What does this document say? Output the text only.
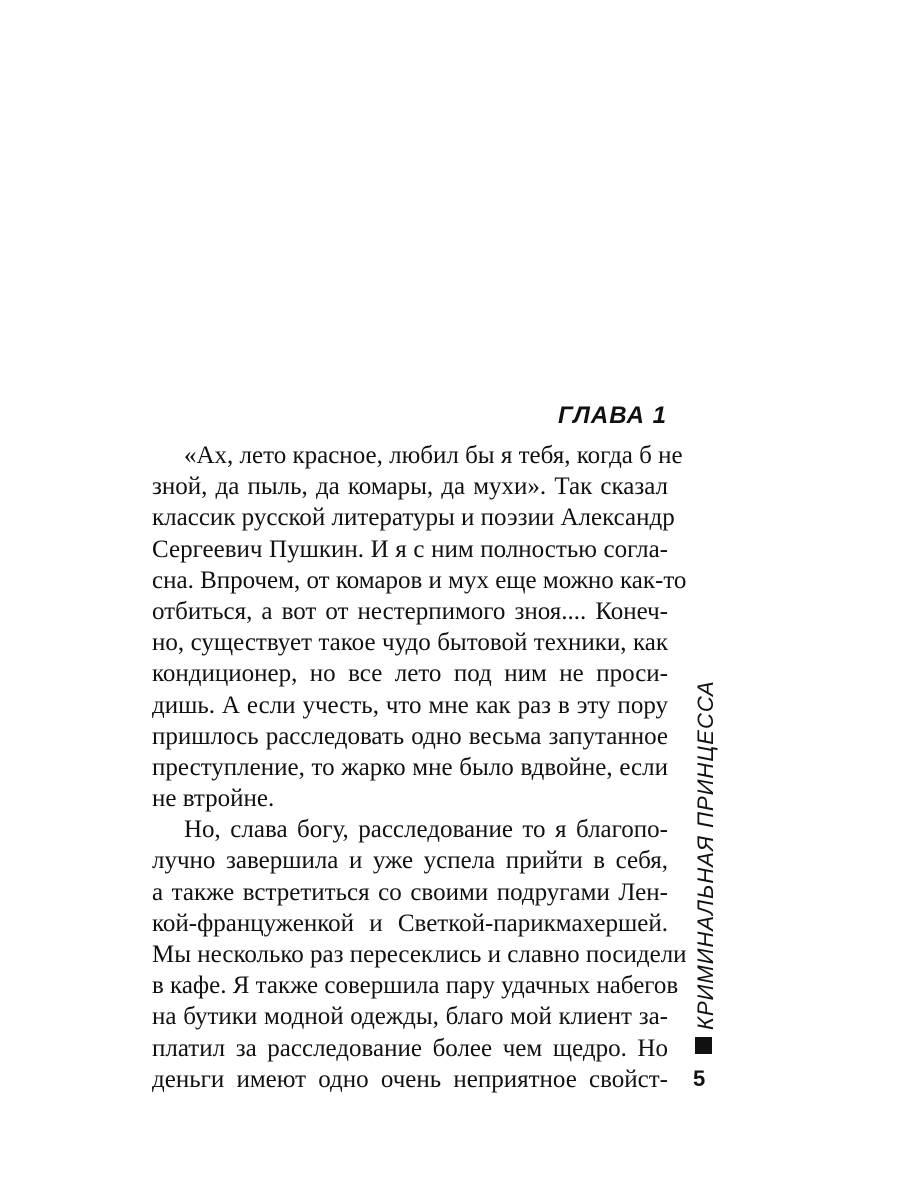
ГЛАВА 1
«Ах, лето красное, любил бы я тебя, когда б не
зной, да пыль, да комары, да мухи». Так сказал
классик русской литературы и поэзии Александр
Сергеевич Пушкин. И я с ним полностью согла-
сна. Впрочем, от комаров и мух еще можно как-то
отбиться, а вот от нестерпимого зноя.... Конеч-
но, существует такое чудо бытовой техники, как
кондиционер, но все лето под ним не проси-
дишь. А если учесть, что мне как раз в эту пору
пришлось расследовать одно весьма запутанное
преступление, то жарко мне было вдвойне, если
не втройне.
Но, слава богу, расследование то я благопо-
лучно завершила и уже успела прийти в себя,
а также встретиться со своими подругами Лен-
кой-француженкой и Светкой-парикмахершей.
Мы несколько раз пересеклись и славно посидели
в кафе. Я также совершила пару удачных набегов
на бутики модной одежды, благо мой клиент за-
платил за расследование более чем щедро. Но
деньги имеют одно очень неприятное свойст-
КРИМИНАЛЬНАЯ ПРИНЦЕССА
5
